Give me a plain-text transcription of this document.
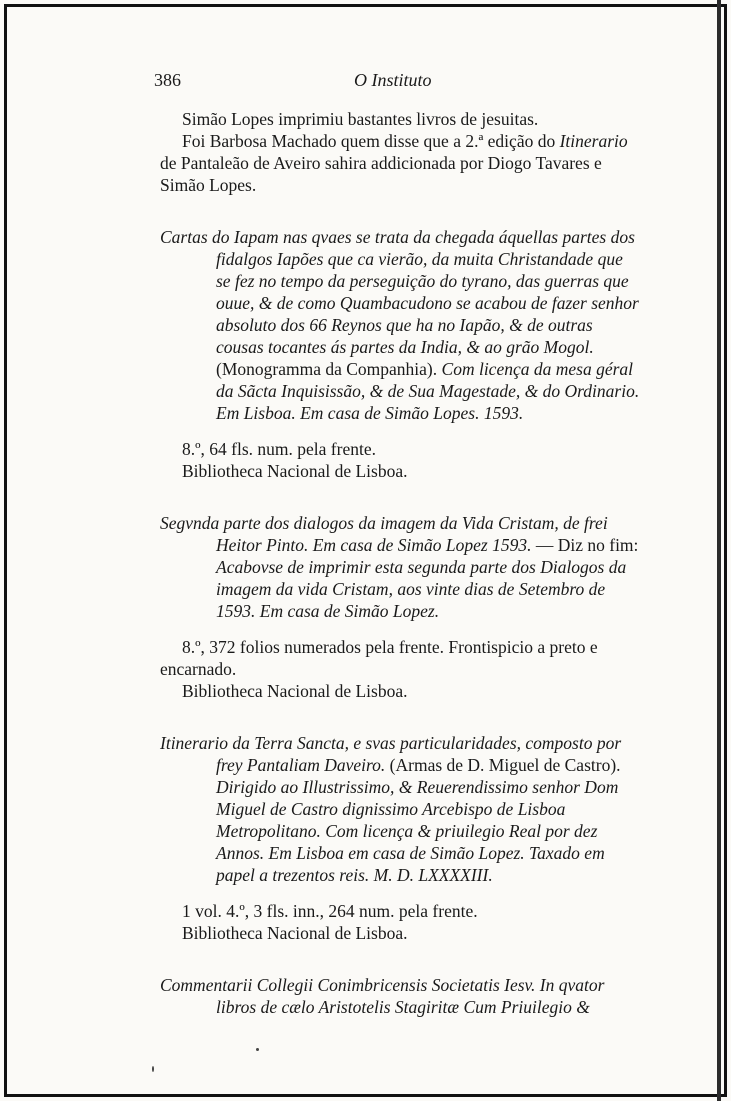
386	O Instituto

Simão Lopes imprimiu bastantes livros de jesuitas.

Foi Barbosa Machado quem disse que a 2.ª edição do Itinerario de Pantaleão de Aveiro sahira addicionada por Diogo Tavares e Simão Lopes.

Cartas do Iapam nas qvaes se trata da chegada áquellas partes dos fidalgos Iapões que ca vierão, da muita Christandade que se fez no tempo da perseguição do tyrano, das guerras que ouue, & de como Quambacudono se acabou de fazer senhor absoluto dos 66 Reynos que ha no Iapão, & de outras cousas tocantes ás partes da India, & ao grão Mogol. (Monogramma da Companhia). Com licença da mesa géral da Sãcta Inquisissão, & de Sua Magestade, & do Ordinario. Em Lisboa. Em casa de Simão Lopes. 1593.

8.º, 64 fls. num. pela frente.

Bibliotheca Nacional de Lisboa.

Segvnda parte dos dialogos da imagem da Vida Cristam, de frei Heitor Pinto. Em casa de Simão Lopez 1593. — Diz no fim: Acabovse de imprimir esta segunda parte dos Dialogos da imagem da vida Cristam, aos vinte dias de Setembro de 1593. Em casa de Simão Lopez.

8.º, 372 folios numerados pela frente. Frontispicio a preto e encarnado.

Bibliotheca Nacional de Lisboa.

Itinerario da Terra Sancta, e svas particularidades, composto por frey Pantaliam Daveiro. (Armas de D. Miguel de Castro). Dirigido ao Illustrissimo, & Reuerendissimo senhor Dom Miguel de Castro dignissimo Arcebispo de Lisboa Metropolitano. Com licença & priuilegio Real por dez Annos. Em Lisboa em casa de Simão Lopez. Taxado em papel a trezentos reis. M. D. LXXXXIII.

1 vol. 4.º, 3 fls. inn., 264 num. pela frente.

Bibliotheca Nacional de Lisboa.

Commentarii Collegii Conimbricensis Societatis Iesv. In qvator libros de cælo Aristotelis Stagiritæ Cum Priuilegio &
